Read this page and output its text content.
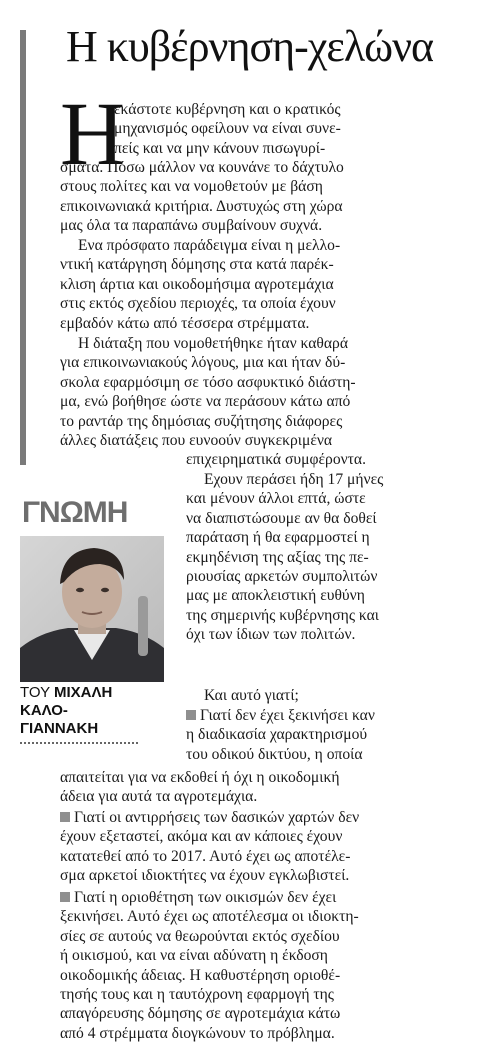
Η κυβέρνηση-χελώνα
Η
εκάστοτε κυβέρνηση και ο κρατικός
μηχανισμός οφείλουν να είναι συνε-
πείς και να μην κάνουν πισωγυρί-
σματα. Πόσω μάλλον να κουνάνε το δάχτυλο
στους πολίτες και να νομοθετούν με βάση
επικοινωνιακά κριτήρια. Δυστυχώς στη χώρα
μας όλα τα παραπάνω συμβαίνουν συχνά.
Ενα πρόσφατο παράδειγμα είναι η μελλο-
ντική κατάργηση δόμησης στα κατά παρέκ-
κλιση άρτια και οικοδομήσιμα αγροτεμάχια
στις εκτός σχεδίου περιοχές, τα οποία έχουν
εμβαδόν κάτω από τέσσερα στρέμματα.
Η διάταξη που νομοθετήθηκε ήταν καθαρά
για επικοινωνιακούς λόγους, μια και ήταν δύ-
σκολα εφαρμόσιμη σε τόσο ασφυκτικό διάστη-
μα, ενώ βοήθησε ώστε να περάσουν κάτω από
το ραντάρ της δημόσιας συζήτησης διάφορες
άλλες διατάξεις που ευνοούν συγκεκριμένα
επιχειρηματικά συμφέροντα.
ΓΝΩΜΗ
ΤΟΥ ΜΙΧΑΛΗ
ΚΑΛΟ-
ΓΙΑΝΝΑΚΗ
Εχουν περάσει ήδη 17 μήνες
και μένουν άλλοι επτά, ώστε
να διαπιστώσουμε αν θα δοθεί
παράταση ή θα εφαρμοστεί η
εκμηδένιση της αξίας της πε-
ριουσίας αρκετών συμπολιτών
μας με αποκλειστική ευθύνη
της σημερινής κυβέρνησης και
όχι των ίδιων των πολιτών.
Και αυτό γιατί;
Γιατί δεν έχει ξεκινήσει καν
η διαδικασία χαρακτηρισμού
του οδικού δικτύου, η οποία
απαιτείται για να εκδοθεί ή όχι η οικοδομική
άδεια για αυτά τα αγροτεμάχια.
Γιατί οι αντιρρήσεις των δασικών χαρτών δεν
έχουν εξεταστεί, ακόμα και αν κάποιες έχουν
κατατεθεί από το 2017. Αυτό έχει ως αποτέλε-
σμα αρκετοί ιδιοκτήτες να έχουν εγκλωβιστεί.
Γιατί η οριοθέτηση των οικισμών δεν έχει
ξεκινήσει. Αυτό έχει ως αποτέλεσμα οι ιδιοκτη-
σίες σε αυτούς να θεωρούνται εκτός σχεδίου
ή οικισμού, και να είναι αδύνατη η έκδοση
οικοδομικής άδειας. Η καθυστέρηση οριοθέ-
τησής τους και η ταυτόχρονη εφαρμογή της
απαγόρευσης δόμησης σε αγροτεμάχια κάτω
από 4 στρέμματα διογκώνουν το πρόβλημα.
